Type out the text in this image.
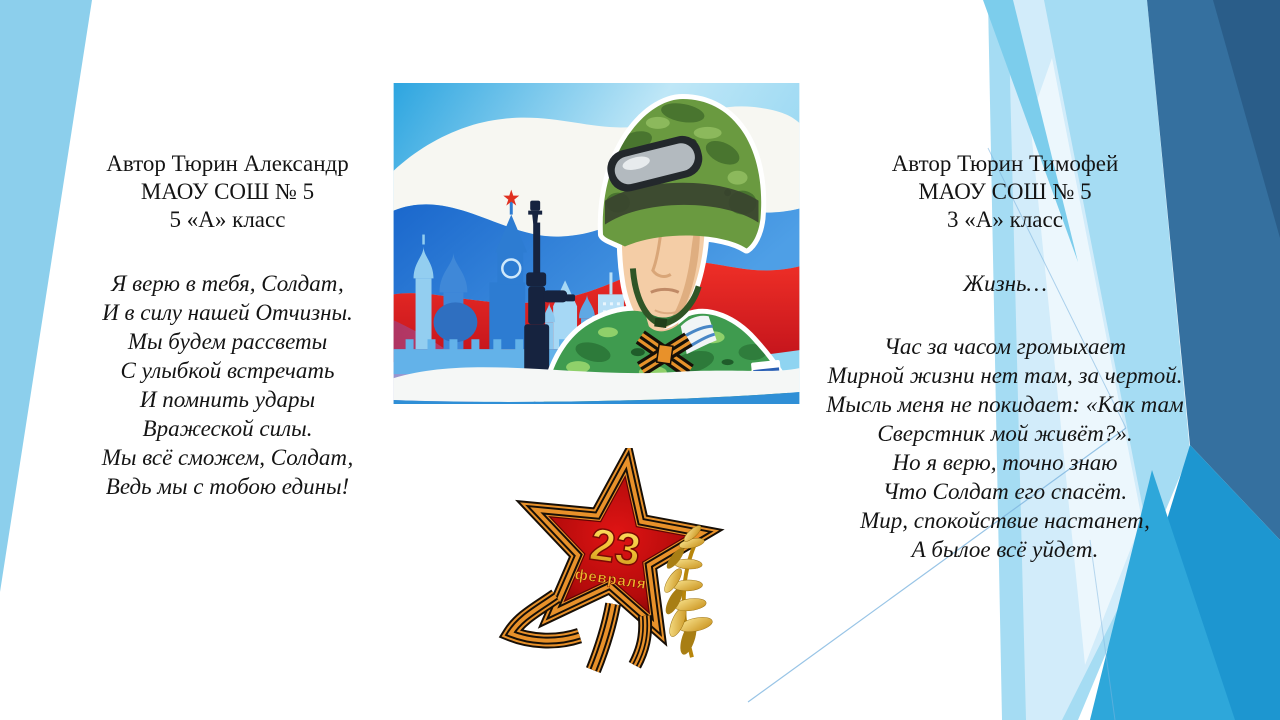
Автор Тюрин Александр
МАОУ СОШ № 5
5 «А» класс
Я верю в тебя, Солдат,
И в силу нашей Отчизны.
Мы будем рассветы
С улыбкой встречать
И помнить удары
Вражеской силы.
Мы всё сможем, Солдат,
Ведь мы с тобою едины!
Автор Тюрин Тимофей
МАОУ СОШ № 5
3 «А» класс
Жизнь…
Час за часом громыхает
Мирной жизни нет там, за чертой.
Мысль меня не покидает: «Как там
Сверстник мой живёт?».
Но я верю, точно знаю
Что Солдат его спасёт.
Мир, спокойствие настанет,
А былое всё уйдет.
23
февраля
